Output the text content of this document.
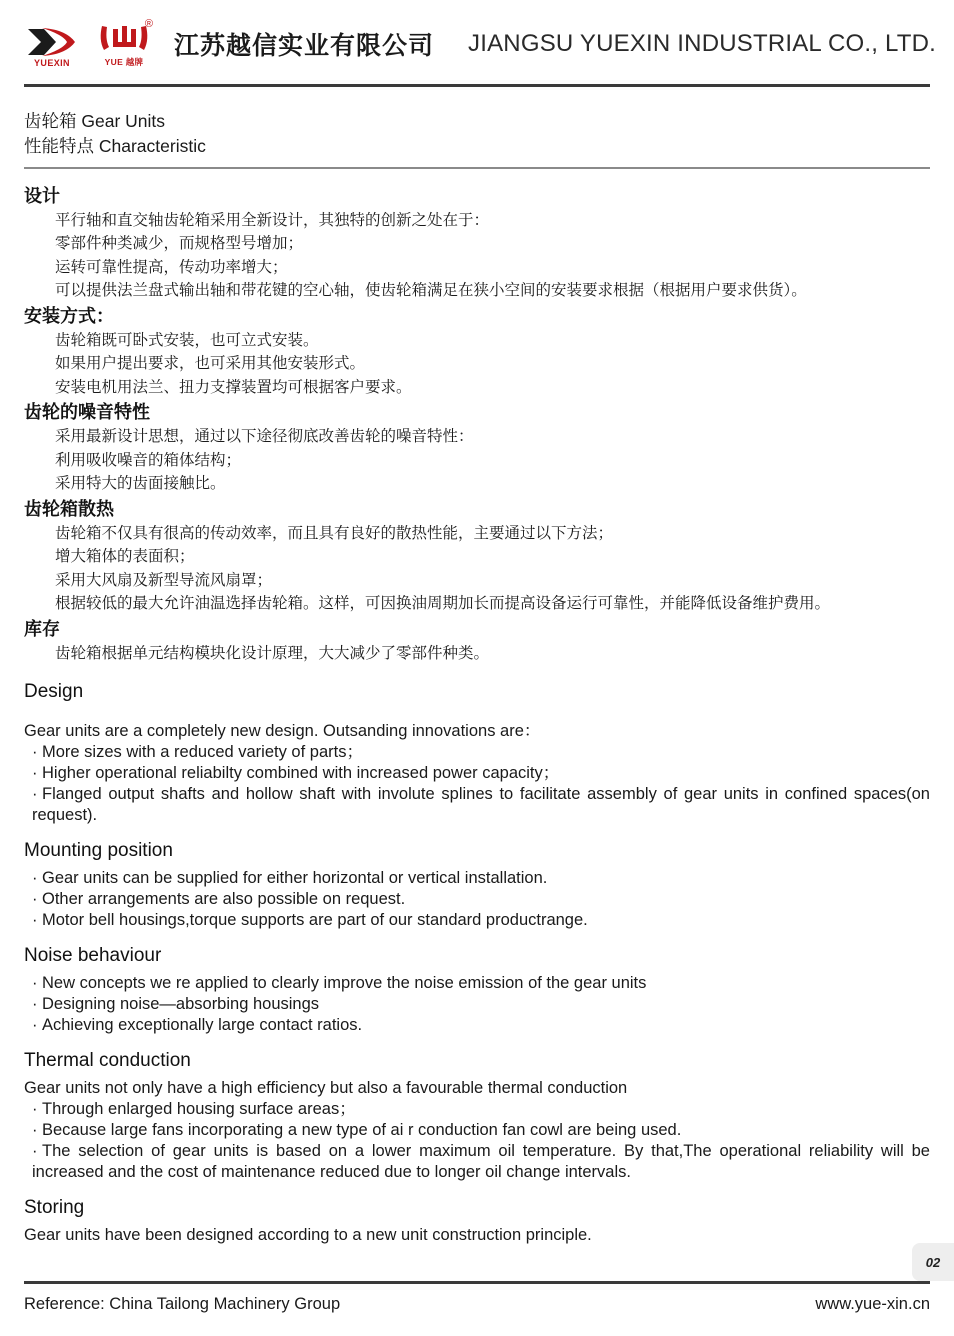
YUEXIN
®
YUE 越牌
江苏越信实业有限公司 JIANGSU YUEXIN INDUSTRIAL CO., LTD.
齿轮箱 Gear Units
性能特点 Characteristic
设计
平行轴和直交轴齿轮箱采用全新设计，其独特的创新之处在于：
零部件种类减少，而规格型号增加；
运转可靠性提高，传动功率增大；
可以提供法兰盘式输出轴和带花键的空心轴，使齿轮箱满足在狭小空间的安装要求根据（根据用户要求供货）。
安装方式：
齿轮箱既可卧式安装，也可立式安装。
如果用户提出要求，也可采用其他安装形式。
安装电机用法兰、扭力支撑装置均可根据客户要求。
齿轮的噪音特性
采用最新设计思想，通过以下途径彻底改善齿轮的噪音特性：
利用吸收噪音的箱体结构；
采用特大的齿面接触比。
齿轮箱散热
齿轮箱不仅具有很高的传动效率，而且具有良好的散热性能，主要通过以下方法；
增大箱体的表面积；
采用大风扇及新型导流风扇罩；
根据较低的最大允许油温选择齿轮箱。这样，可因换油周期加长而提高设备运行可靠性，并能降低设备维护费用。
库存
齿轮箱根据单元结构模块化设计原理，大大减少了零部件种类。
Design
Gear units are a completely new design. Outsanding innovations are：
· More sizes with a reduced variety of parts；
· Higher operational reliabilty combined with increased power capacity；
· Flanged output shafts and hollow shaft with involute splines to facilitate assembly of gear units in confined spaces(on request).
Mounting position
· Gear units can be supplied for either horizontal or vertical installation.
· Other arrangements are also possible on request.
· Motor bell housings,torque supports are part of our standard productrange.
Noise behaviour
· New concepts we re applied to clearly improve the noise emission of the gear units
· Designing noise—absorbing housings
· Achieving exceptionally large contact ratios.
Thermal conduction
Gear units not only have a high efficiency but also a favourable thermal conduction
· Through enlarged housing surface areas；
· Because large fans incorporating a new type of ai r conduction fan cowl are being used.
· The selection of gear units is based on a lower maximum oil temperature. By that,The operational reliability will be increased and the cost of maintenance reduced due to longer oil change intervals.
Storing
Gear units have been designed according to a new unit construction principle.
02
Reference: China Tailong Machinery Group	www.yue-xin.cn
